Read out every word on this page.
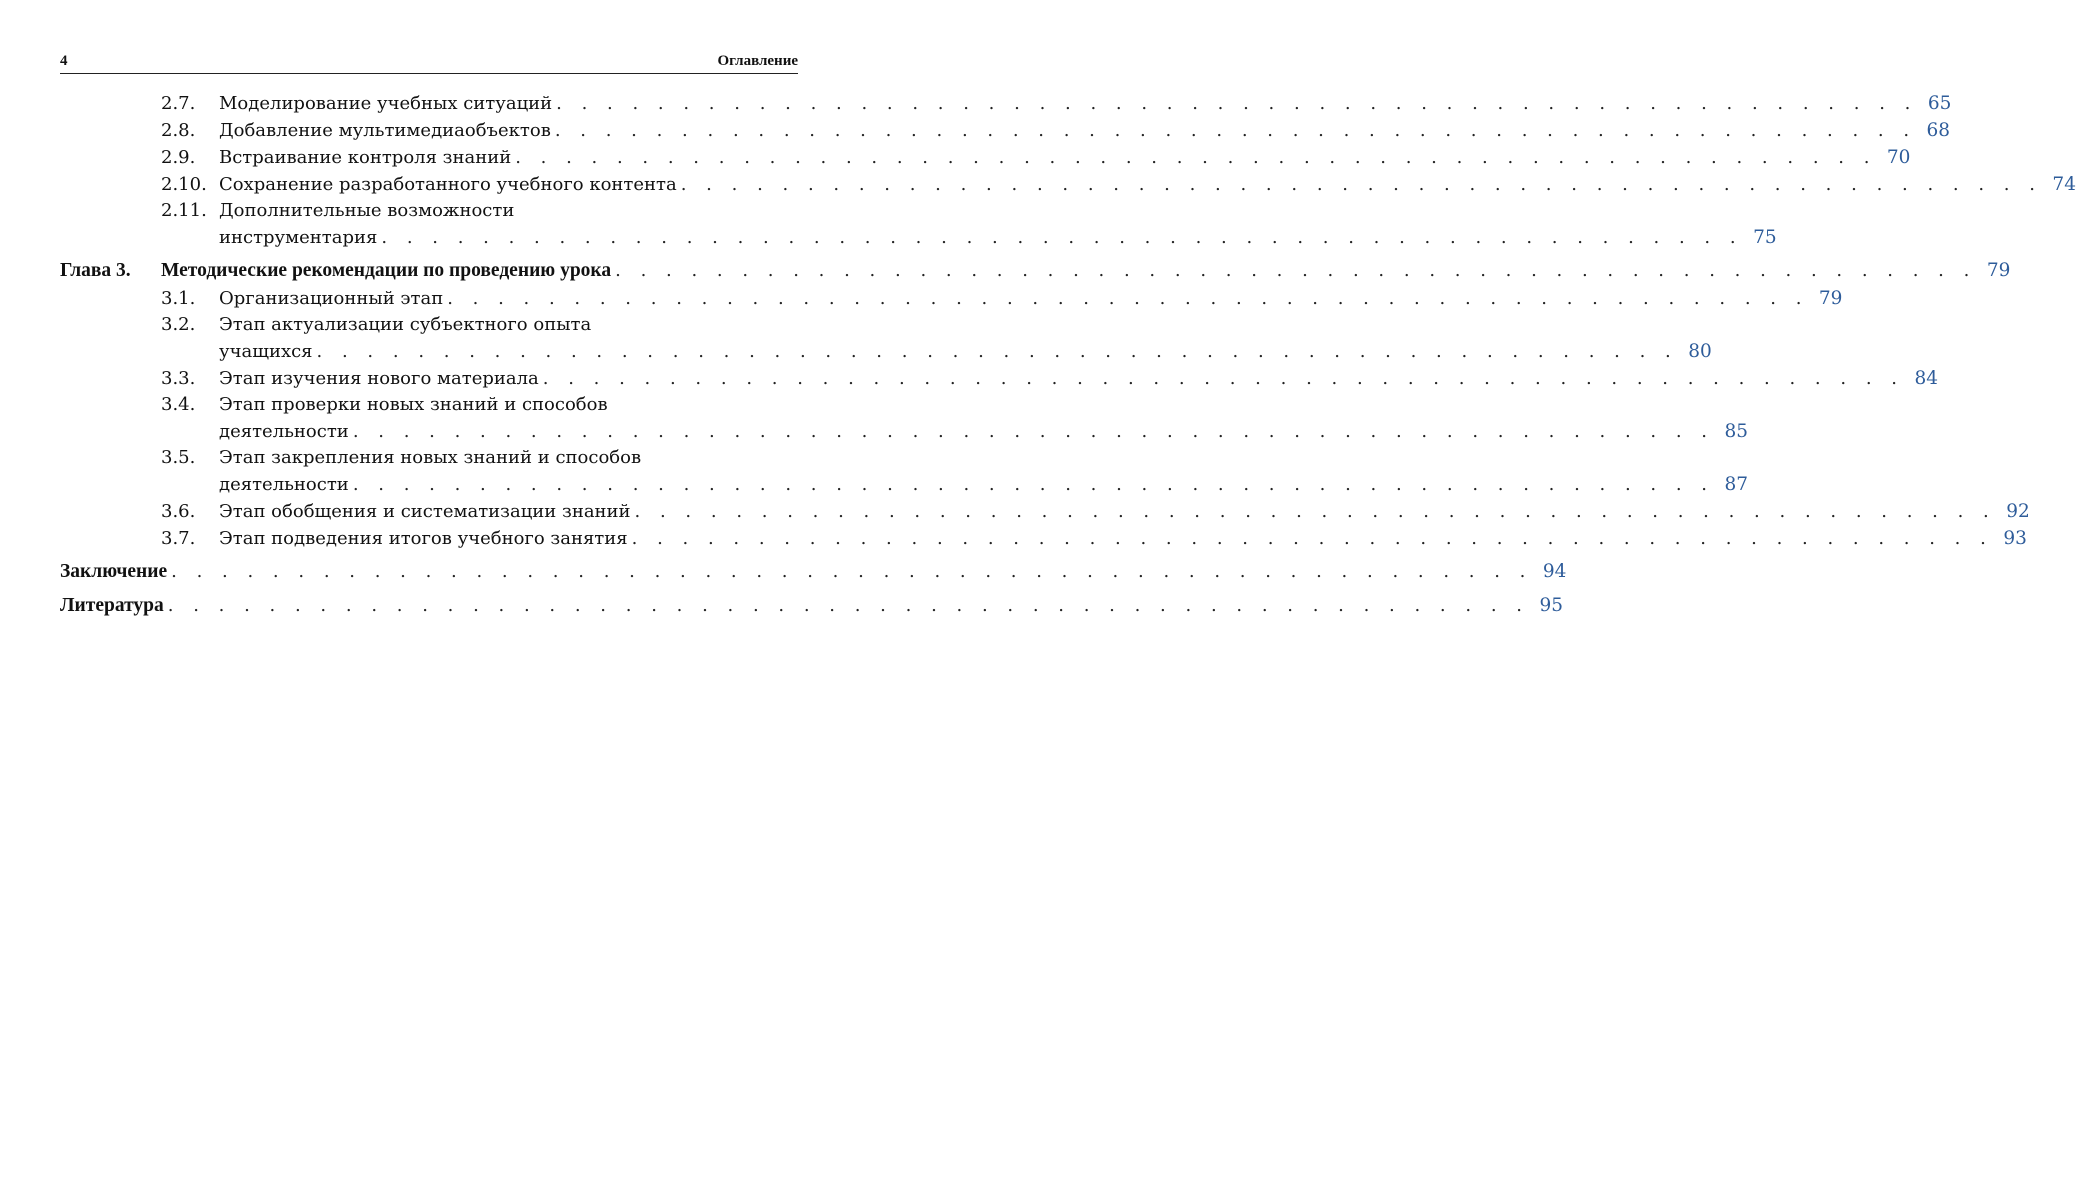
4	Оглавление
2.7. Моделирование учебных ситуаций . . . . . . . . . . . . . . . . . . . . . . . . . . . . . . . . . . . . . . . . . . . . . . . . . . . . . . 65
2.8. Добавление мультимедиаобъектов . . . . . . . . . . . . . . . . . . . . . . . . . . . . . . . . . . . . . . . . . . . . . . . . . . . . . . 68
2.9. Встраивание контроля знаний . . . . . . . . . . . . . . . . . . . . . . . . . . . . . . . . . . . . . . . . . . . . . . . . . . . . . . 70
2.10. Сохранение разработанного учебного контента . . . . . . . . . . . . . . . . . . . . . . . . . . . . . . . . . . . . . . . . . . . . . . . . . . . . . . 74
2.11. Дополнительные возможности
инструментария . . . . . . . . . . . . . . . . . . . . . . . . . . . . . . . . . . . . . . . . . . . . . . . . . . . . . . 75
Глава 3. Методические рекомендации по проведению урока . . . . . . . . . . . . . . . . . . . . . . . . . . . . . . . . . . . . . . . . . . . . . . . . . . . . . . 79
3.1. Организационный этап . . . . . . . . . . . . . . . . . . . . . . . . . . . . . . . . . . . . . . . . . . . . . . . . . . . . . . 79
3.2. Этап актуализации субъектного опыта
учащихся . . . . . . . . . . . . . . . . . . . . . . . . . . . . . . . . . . . . . . . . . . . . . . . . . . . . . . 80
3.3. Этап изучения нового материала . . . . . . . . . . . . . . . . . . . . . . . . . . . . . . . . . . . . . . . . . . . . . . . . . . . . . . 84
3.4. Этап проверки новых знаний и способов
деятельности . . . . . . . . . . . . . . . . . . . . . . . . . . . . . . . . . . . . . . . . . . . . . . . . . . . . . . 85
3.5. Этап закрепления новых знаний и способов
деятельности . . . . . . . . . . . . . . . . . . . . . . . . . . . . . . . . . . . . . . . . . . . . . . . . . . . . . . 87
3.6. Этап обобщения и систематизации знаний . . . . . . . . . . . . . . . . . . . . . . . . . . . . . . . . . . . . . . . . . . . . . . . . . . . . . . 92
3.7. Этап подведения итогов учебного занятия . . . . . . . . . . . . . . . . . . . . . . . . . . . . . . . . . . . . . . . . . . . . . . . . . . . . . . 93
Заключение . . . . . . . . . . . . . . . . . . . . . . . . . . . . . . . . . . . . . . . . . . . . . . . . . . . . . . 94
Литература . . . . . . . . . . . . . . . . . . . . . . . . . . . . . . . . . . . . . . . . . . . . . . . . . . . . . . 95
